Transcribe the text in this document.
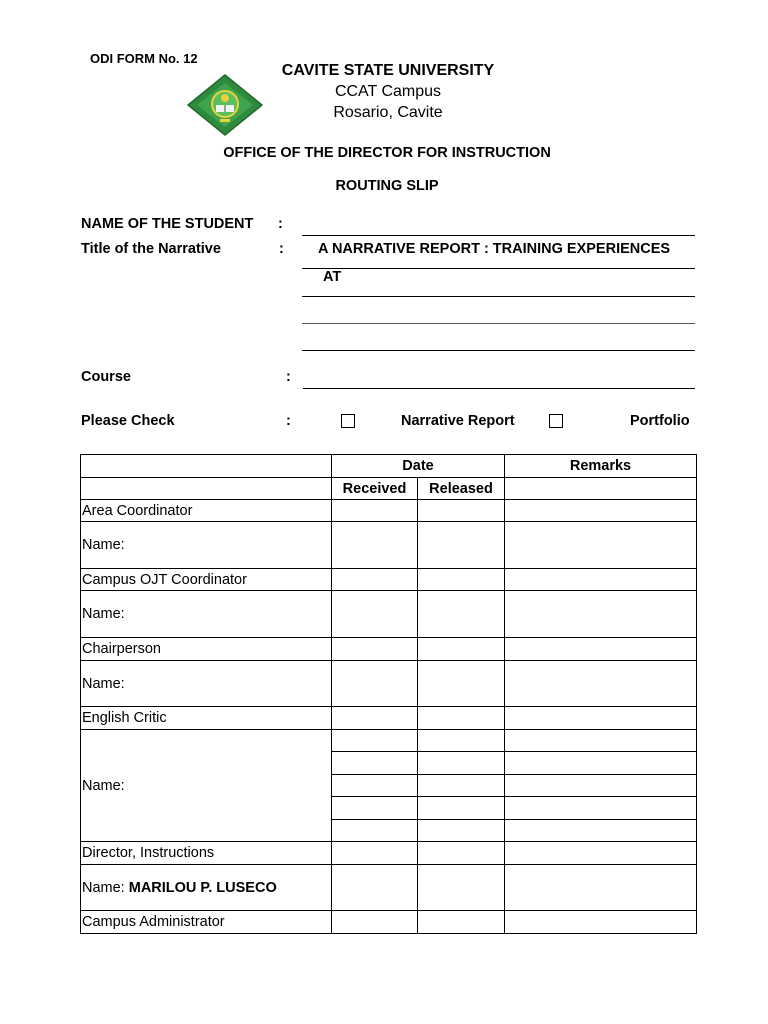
ODI FORM No. 12
CAVITE STATE UNIVERSITY
CCAT Campus
Rosario, Cavite
OFFICE OF THE DIRECTOR FOR INSTRUCTION
ROUTING SLIP
NAME OF THE STUDENT :
Title of the Narrative	: A NARRATIVE REPORT : TRAINING EXPERIENCES
AT
Course	:
Please Check	:	Narrative Report	Portfolio
	Date		Remarks
	Received	Released	
Area Coordinator			
Name:			
Campus OJT Coordinator			
Name:			
Chairperson			
Name:			
English Critic			
Name:			

Director, Instructions			
Name: MARILOU P. LUSECO			
Campus Administrator			
